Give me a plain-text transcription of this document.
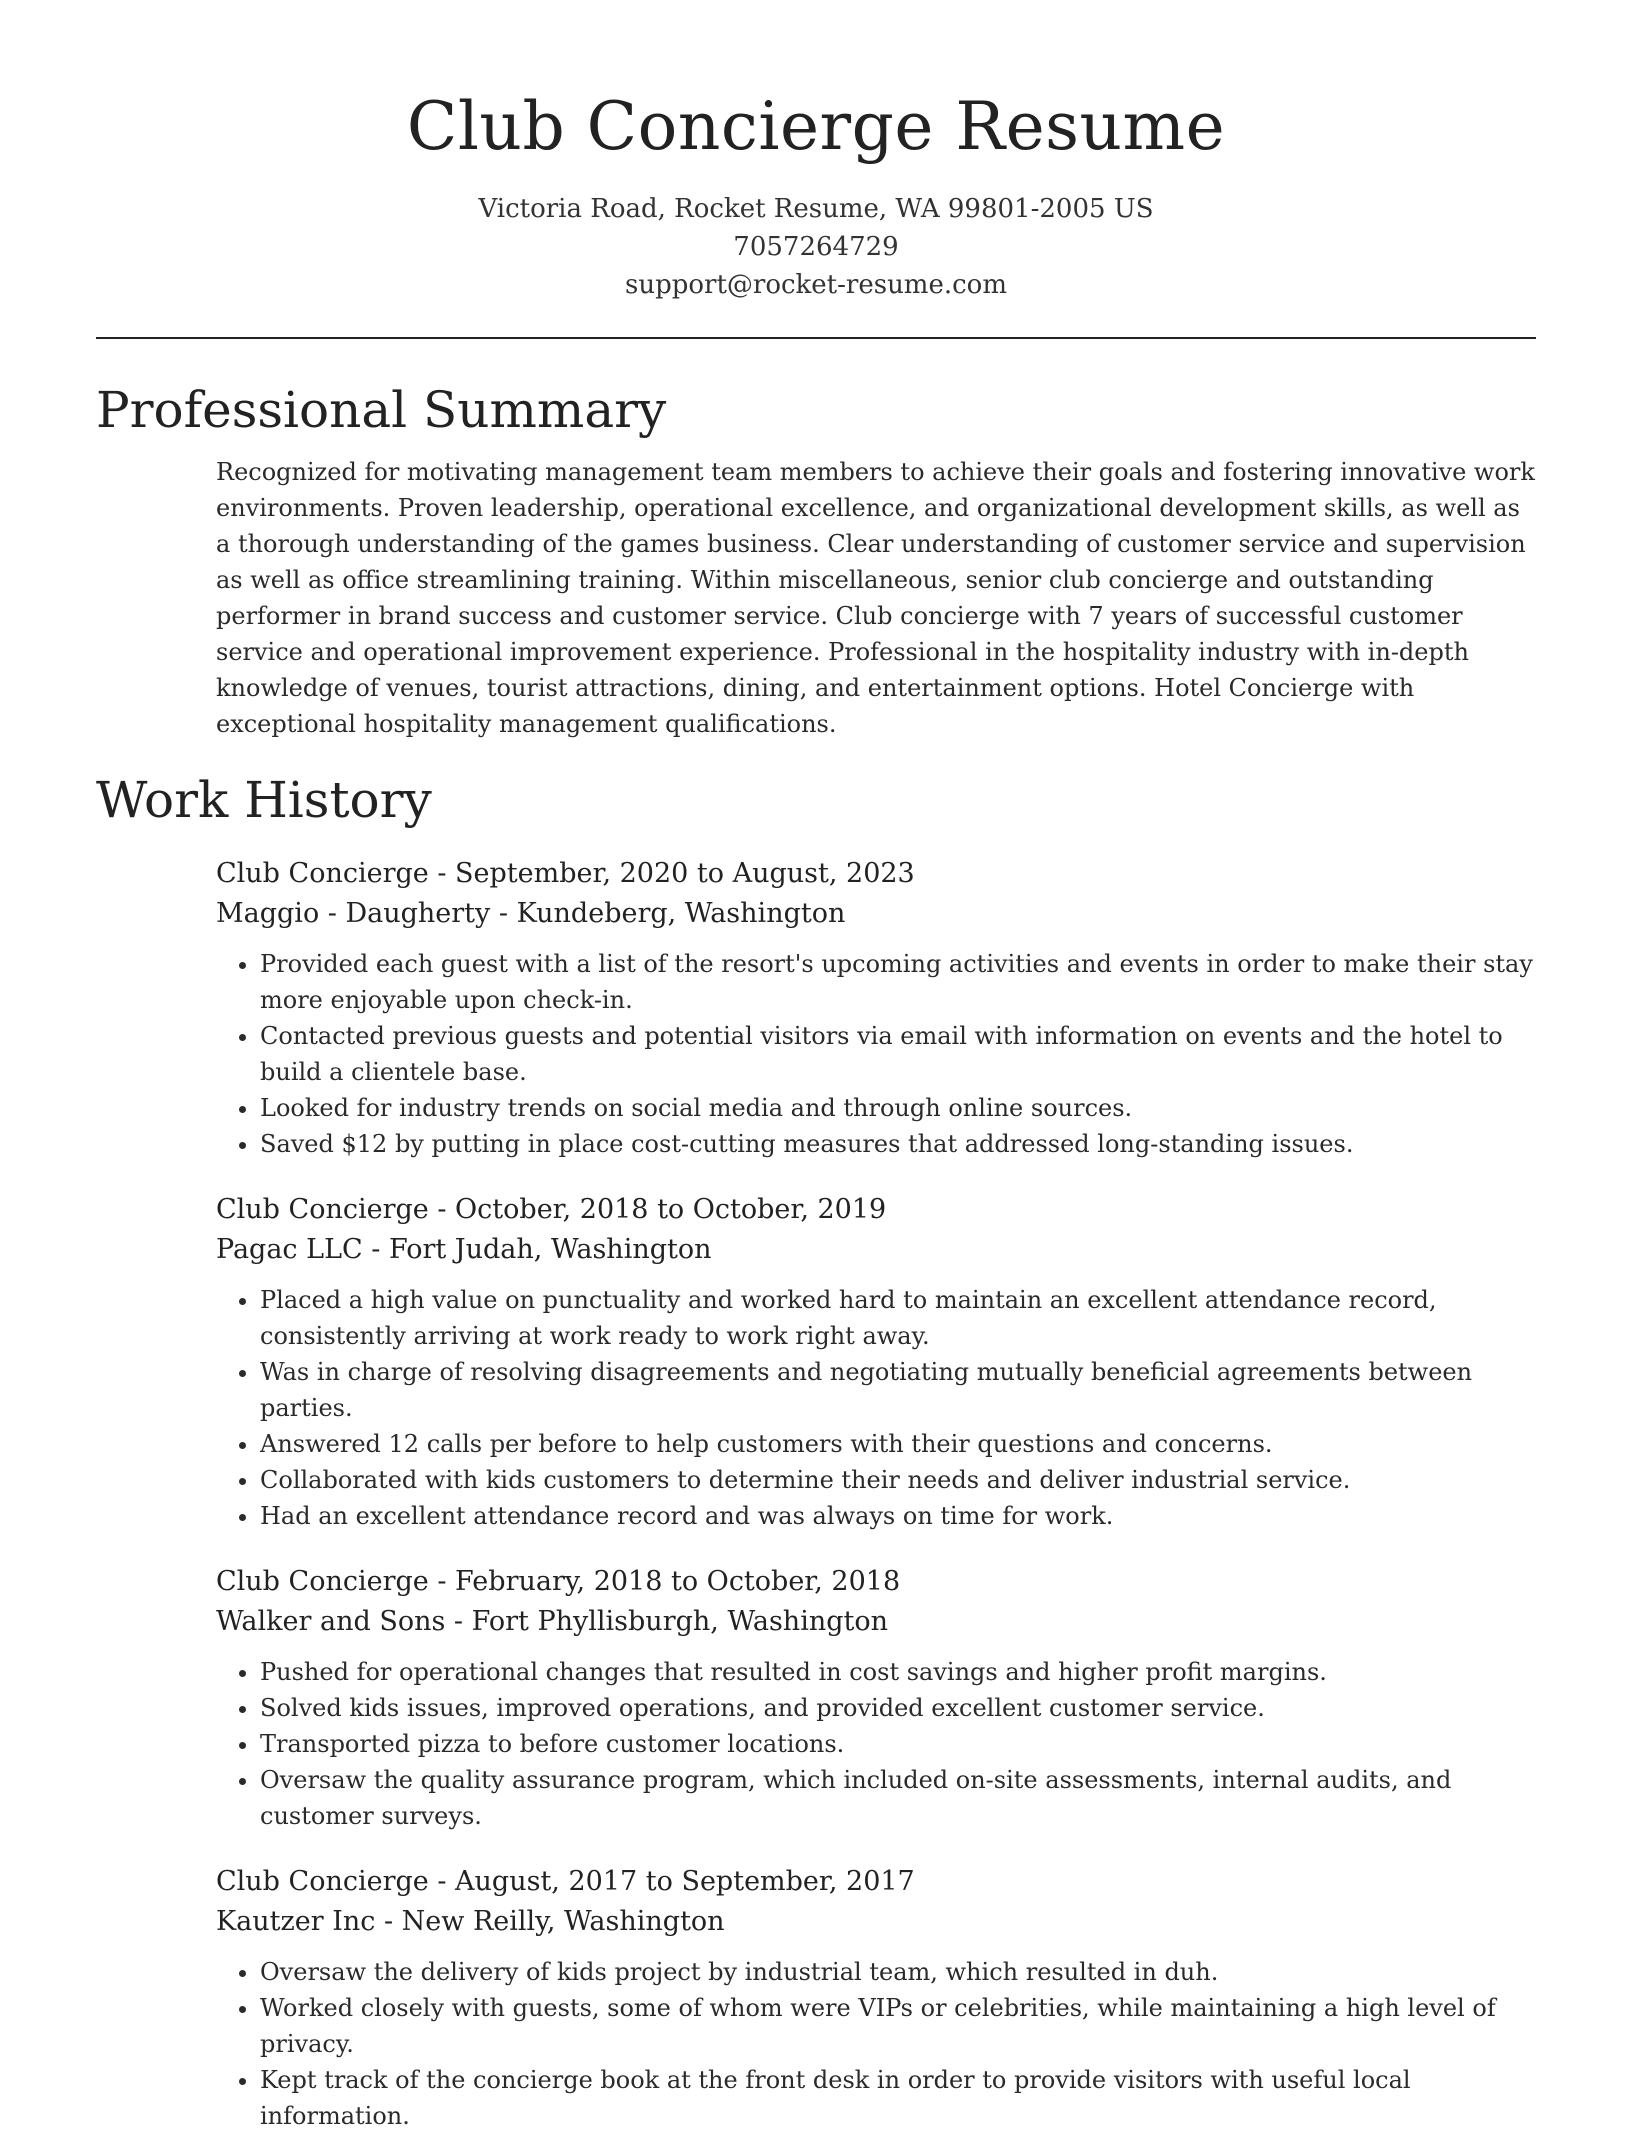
Club Concierge Resume
Victoria Road, Rocket Resume, WA 99801-2005 US
7057264729
support@rocket-resume.com
Professional Summary

Recognized for motivating management team members to achieve their goals and fostering innovative work environments. Proven leadership, operational excellence, and organizational development skills, as well as a thorough understanding of the games business. Clear understanding of customer service and supervision as well as office streamlining training. Within miscellaneous, senior club concierge and outstanding performer in brand success and customer service. Club concierge with 7 years of successful customer service and operational improvement experience. Professional in the hospitality industry with in-depth knowledge of venues, tourist attractions, dining, and entertainment options. Hotel Concierge with exceptional hospitality management qualifications.

Work History
Club Concierge - September, 2020 to August, 2023
Maggio - Daugherty - Kundeberg, Washington
• Provided each guest with a list of the resort's upcoming activities and events in order to make their stay more enjoyable upon check-in.
• Contacted previous guests and potential visitors via email with information on events and the hotel to build a clientele base.
• Looked for industry trends on social media and through online sources.
• Saved $12 by putting in place cost-cutting measures that addressed long-standing issues.
Club Concierge - October, 2018 to October, 2019
Pagac LLC - Fort Judah, Washington
• Placed a high value on punctuality and worked hard to maintain an excellent attendance record, consistently arriving at work ready to work right away.
• Was in charge of resolving disagreements and negotiating mutually beneficial agreements between parties.
• Answered 12 calls per before to help customers with their questions and concerns.
• Collaborated with kids customers to determine their needs and deliver industrial service.
• Had an excellent attendance record and was always on time for work.
Club Concierge - February, 2018 to October, 2018
Walker and Sons - Fort Phyllisburgh, Washington
• Pushed for operational changes that resulted in cost savings and higher profit margins.
• Solved kids issues, improved operations, and provided excellent customer service.
• Transported pizza to before customer locations.
• Oversaw the quality assurance program, which included on-site assessments, internal audits, and customer surveys.
Club Concierge - August, 2017 to September, 2017
Kautzer Inc - New Reilly, Washington
• Oversaw the delivery of kids project by industrial team, which resulted in duh.
• Worked closely with guests, some of whom were VIPs or celebrities, while maintaining a high level of privacy.
• Kept track of the concierge book at the front desk in order to provide visitors with useful local information.
